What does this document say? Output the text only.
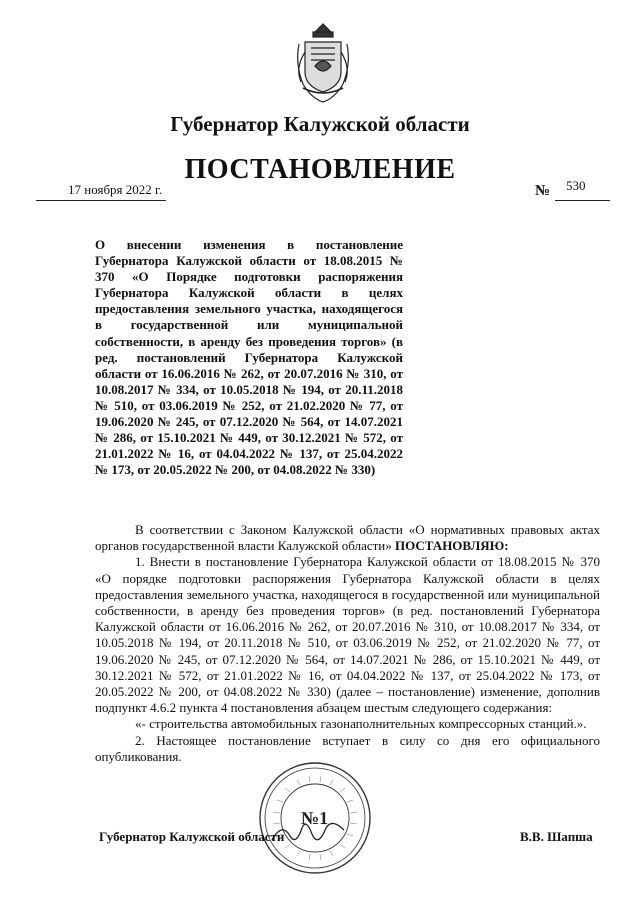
Губернатор Калужской области
ПОСТАНОВЛЕНИЕ
17 ноября 2022 г.	№ 530
О внесении изменения в постановление Губернатора Калужской области от 18.08.2015 № 370 «О Порядке подготовки распоряжения Губернатора Калужской области в целях предоставления земельного участка, находящегося в государственной или муниципальной собственности, в аренду без проведения торгов» (в ред. постановлений Губернатора Калужской области от 16.06.2016 № 262, от 20.07.2016 № 310, от 10.08.2017 № 334, от 10.05.2018 № 194, от 20.11.2018 № 510, от 03.06.2019 № 252, от 21.02.2020 № 77, от 19.06.2020 № 245, от 07.12.2020 № 564, от 14.07.2021 № 286, от 15.10.2021 № 449, от 30.12.2021 № 572, от 21.01.2022 № 16, от 04.04.2022 № 137, от 25.04.2022 № 173, от 20.05.2022 № 200, от 04.08.2022 № 330)

В соответствии с Законом Калужской области «О нормативных правовых актах органов государственной власти Калужской области» ПОСТАНОВЛЯЮ:

1. Внести в постановление Губернатора Калужской области от 18.08.2015 № 370 «О порядке подготовки распоряжения Губернатора Калужской области в целях предоставления земельного участка, находящегося в государственной или муниципальной собственности, в аренду без проведения торгов» (в ред. постановлений Губернатора Калужской области от 16.06.2016 № 262, от 20.07.2016 № 310, от 10.08.2017 № 334, от 10.05.2018 № 194, от 20.11.2018 № 510, от 03.06.2019 № 252, от 21.02.2020 № 77, от 19.06.2020 № 245, от 07.12.2020 № 564, от 14.07.2021 № 286, от 15.10.2021 № 449, от 30.12.2021 № 572, от 21.01.2022 № 16, от 04.04.2022 № 137, от 25.04.2022 № 173, от 20.05.2022 № 200, от 04.08.2022 № 330) (далее – постановление) изменение, дополнив подпункт 4.6.2 пункта 4 постановления абзацем шестым следующего содержания:

«- строительства автомобильных газонаполнительных компрессорных станций.».

2. Настоящее постановление вступает в силу со дня его официального опубликования.

№1
Губернатор Калужской области	В.В. Шапша
